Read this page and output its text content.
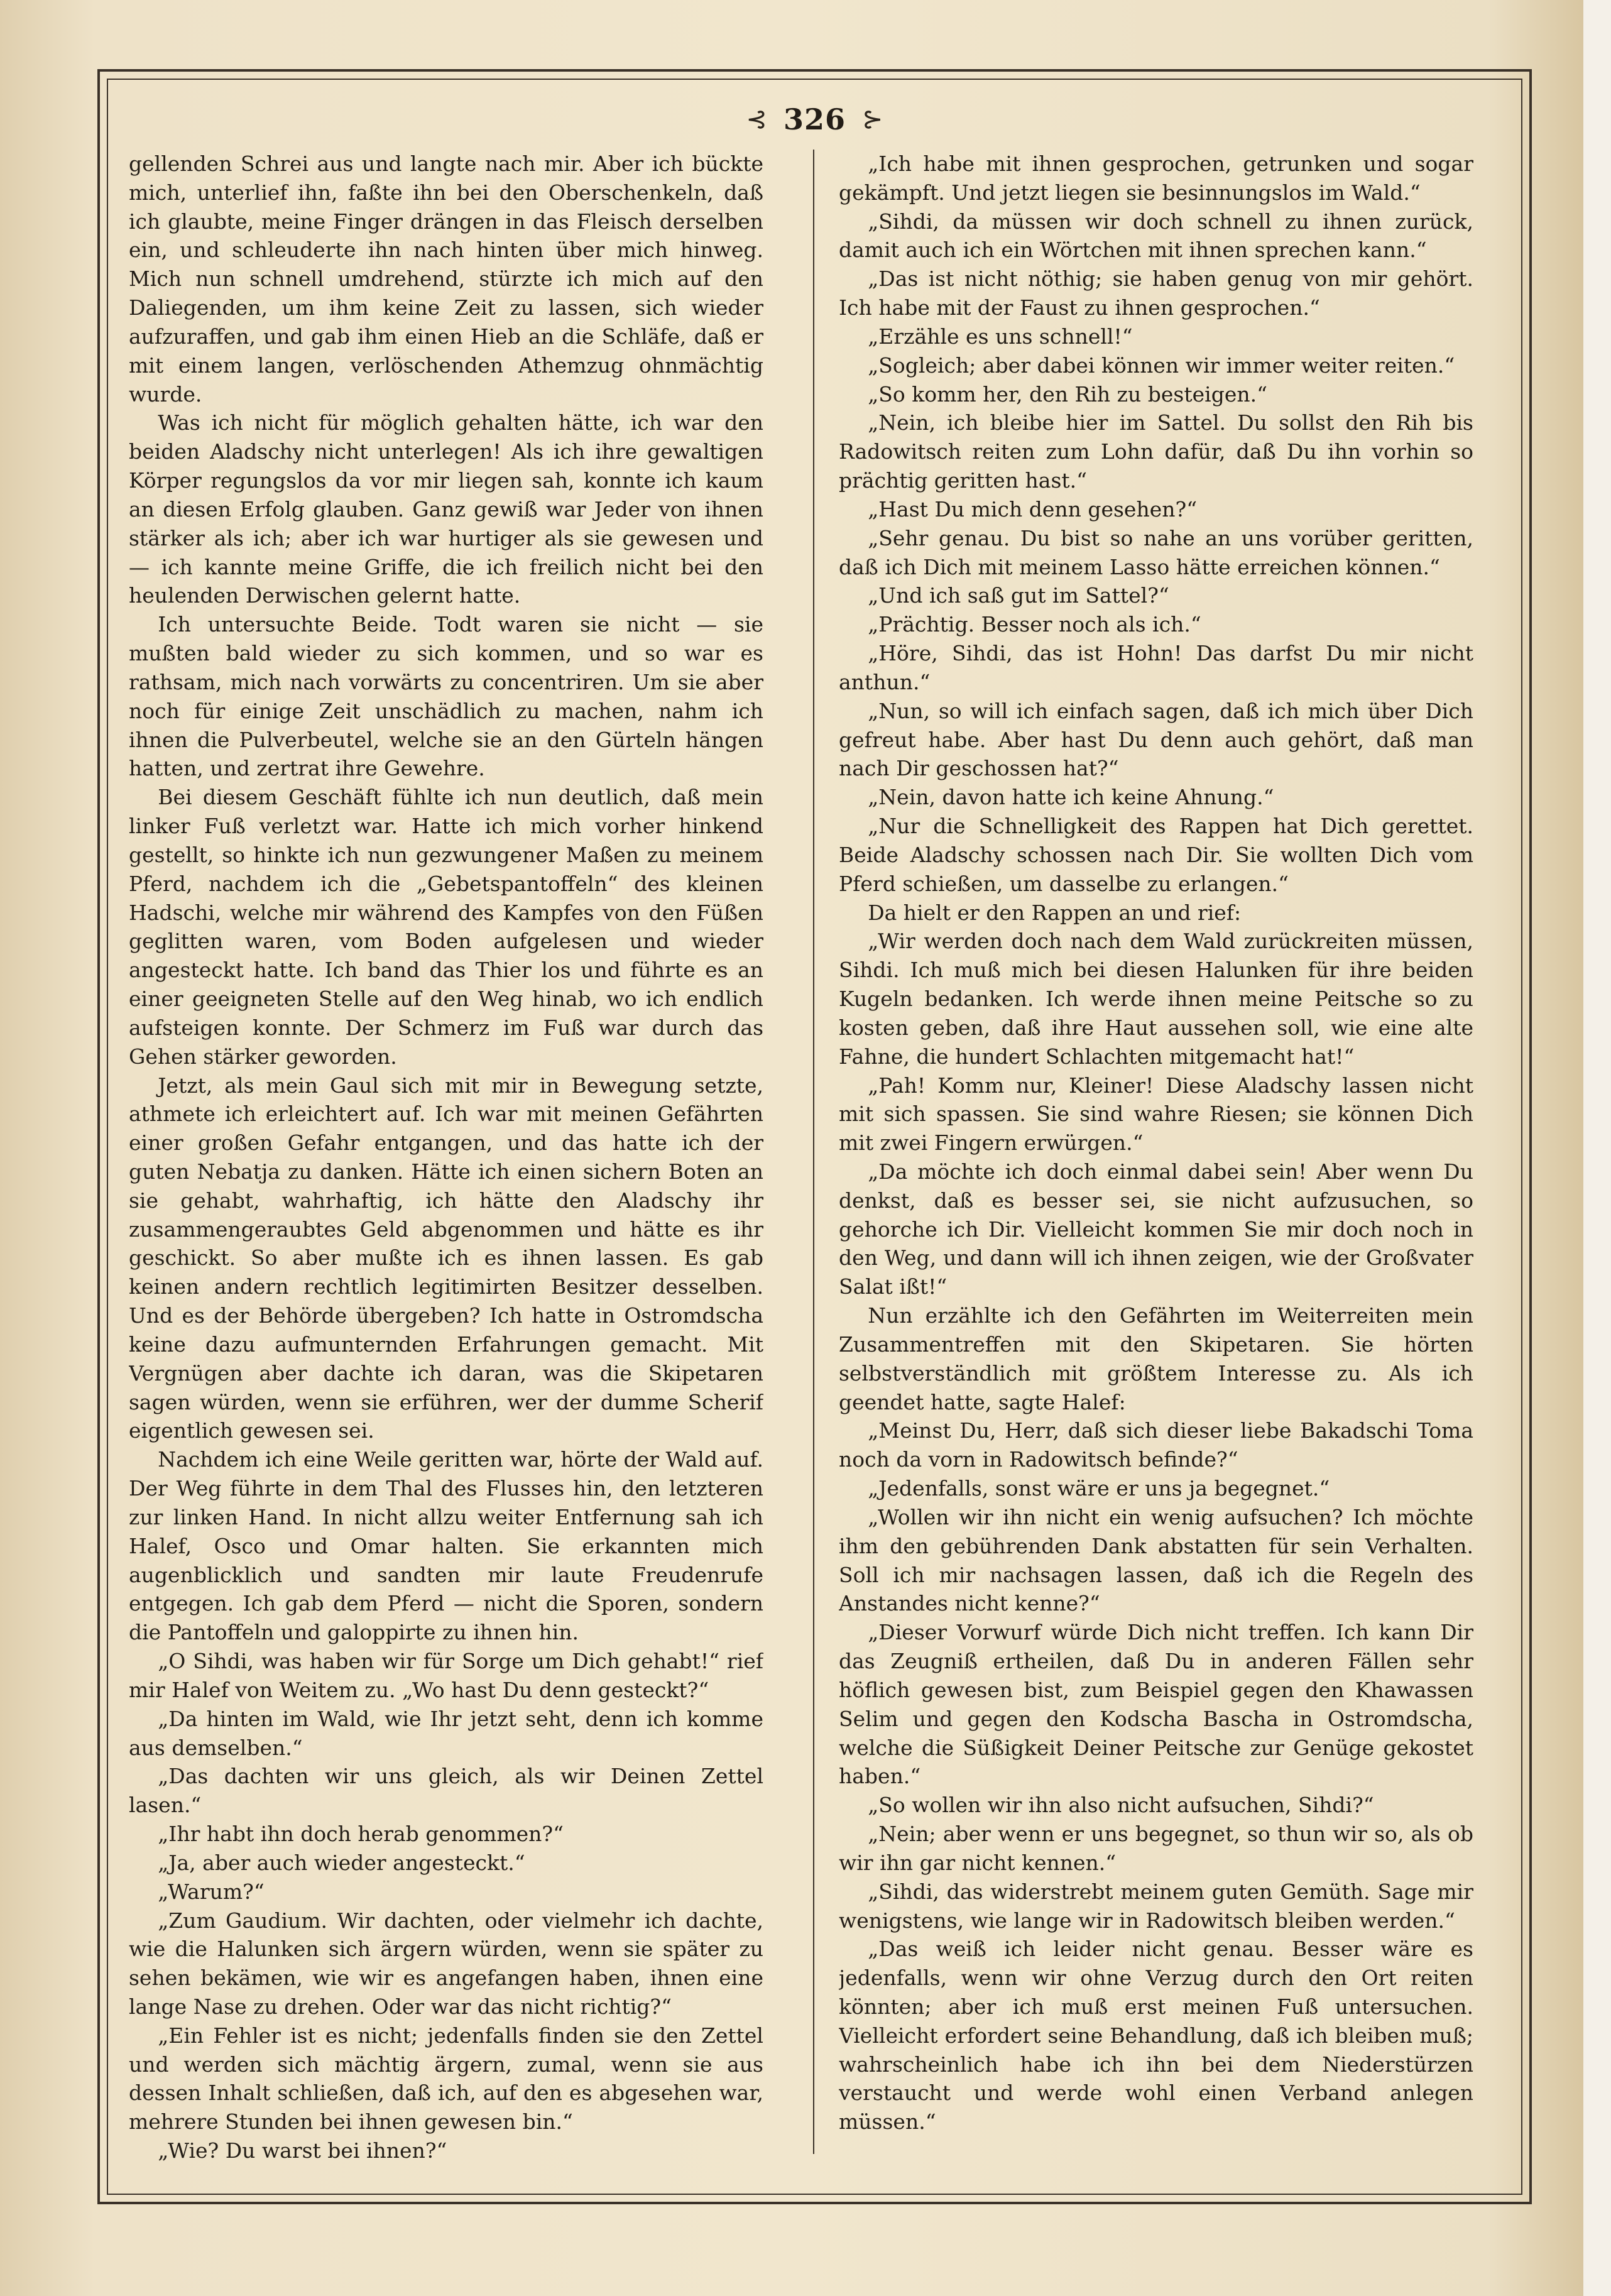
⊰ 326 ⊱

gellenden Schrei aus und langte nach mir. Aber ich bückte mich, unterlief ihn, faßte ihn bei den Oberschenkeln, daß ich glaubte, meine Finger drängen in das Fleisch derselben ein, und schleuderte ihn nach hinten über mich hinweg. Mich nun schnell umdrehend, stürzte ich mich auf den Daliegenden, um ihm keine Zeit zu lassen, sich wieder aufzuraffen, und gab ihm einen Hieb an die Schläfe, daß er mit einem langen, verlöschenden Athemzug ohnmächtig wurde.

Was ich nicht für möglich gehalten hätte, ich war den beiden Aladschy nicht unterlegen! Als ich ihre gewaltigen Körper regungslos da vor mir liegen sah, konnte ich kaum an diesen Erfolg glauben. Ganz gewiß war Jeder von ihnen stärker als ich; aber ich war hurtiger als sie gewesen und — ich kannte meine Griffe, die ich freilich nicht bei den heulenden Derwischen gelernt hatte.

Ich untersuchte Beide. Todt waren sie nicht — sie mußten bald wieder zu sich kommen, und so war es rathsam, mich nach vorwärts zu concentriren. Um sie aber noch für einige Zeit unschädlich zu machen, nahm ich ihnen die Pulverbeutel, welche sie an den Gürteln hängen hatten, und zertrat ihre Gewehre.

Bei diesem Geschäft fühlte ich nun deutlich, daß mein linker Fuß verletzt war. Hatte ich mich vorher hinkend gestellt, so hinkte ich nun gezwungener Maßen zu meinem Pferd, nachdem ich die „Gebetspantoffeln“ des kleinen Hadschi, welche mir während des Kampfes von den Füßen geglitten waren, vom Boden aufgelesen und wieder angesteckt hatte. Ich band das Thier los und führte es an einer geeigneten Stelle auf den Weg hinab, wo ich endlich aufsteigen konnte. Der Schmerz im Fuß war durch das Gehen stärker geworden.

Jetzt, als mein Gaul sich mit mir in Bewegung setzte, athmete ich erleichtert auf. Ich war mit meinen Gefährten einer großen Gefahr entgangen, und das hatte ich der guten Nebatja zu danken. Hätte ich einen sichern Boten an sie gehabt, wahrhaftig, ich hätte den Aladschy ihr zusammengeraubtes Geld abgenommen und hätte es ihr geschickt. So aber mußte ich es ihnen lassen. Es gab keinen andern rechtlich legitimirten Besitzer desselben. Und es der Behörde übergeben? Ich hatte in Ostromdscha keine dazu aufmunternden Erfahrungen gemacht. Mit Vergnügen aber dachte ich daran, was die Skipetaren sagen würden, wenn sie erführen, wer der dumme Scherif eigentlich gewesen sei.

Nachdem ich eine Weile geritten war, hörte der Wald auf. Der Weg führte in dem Thal des Flusses hin, den letzteren zur linken Hand. In nicht allzu weiter Entfernung sah ich Halef, Osco und Omar halten. Sie erkannten mich augenblicklich und sandten mir laute Freudenrufe entgegen. Ich gab dem Pferd — nicht die Sporen, sondern die Pantoffeln und galoppirte zu ihnen hin.

„O Sihdi, was haben wir für Sorge um Dich gehabt!“ rief mir Halef von Weitem zu. „Wo hast Du denn gesteckt?“

„Da hinten im Wald, wie Ihr jetzt seht, denn ich komme aus demselben.“

„Das dachten wir uns gleich, als wir Deinen Zettel lasen.“

„Ihr habt ihn doch herab genommen?“

„Ja, aber auch wieder angesteckt.“

„Warum?“

„Zum Gaudium. Wir dachten, oder vielmehr ich dachte, wie die Halunken sich ärgern würden, wenn sie später zu sehen bekämen, wie wir es angefangen haben, ihnen eine lange Nase zu drehen. Oder war das nicht richtig?“

„Ein Fehler ist es nicht; jedenfalls finden sie den Zettel und werden sich mächtig ärgern, zumal, wenn sie aus dessen Inhalt schließen, daß ich, auf den es abgesehen war, mehrere Stunden bei ihnen gewesen bin.“

„Wie? Du warst bei ihnen?“

„Ich habe mit ihnen gesprochen, getrunken und sogar gekämpft. Und jetzt liegen sie besinnungslos im Wald.“

„Sihdi, da müssen wir doch schnell zu ihnen zurück, damit auch ich ein Wörtchen mit ihnen sprechen kann.“

„Das ist nicht nöthig; sie haben genug von mir gehört. Ich habe mit der Faust zu ihnen gesprochen.“

„Erzähle es uns schnell!“

„Sogleich; aber dabei können wir immer weiter reiten.“

„So komm her, den Rih zu besteigen.“

„Nein, ich bleibe hier im Sattel. Du sollst den Rih bis Radowitsch reiten zum Lohn dafür, daß Du ihn vorhin so prächtig geritten hast.“

„Hast Du mich denn gesehen?“

„Sehr genau. Du bist so nahe an uns vorüber geritten, daß ich Dich mit meinem Lasso hätte erreichen können.“

„Und ich saß gut im Sattel?“

„Prächtig. Besser noch als ich.“

„Höre, Sihdi, das ist Hohn! Das darfst Du mir nicht anthun.“

„Nun, so will ich einfach sagen, daß ich mich über Dich gefreut habe. Aber hast Du denn auch gehört, daß man nach Dir geschossen hat?“

„Nein, davon hatte ich keine Ahnung.“

„Nur die Schnelligkeit des Rappen hat Dich gerettet. Beide Aladschy schossen nach Dir. Sie wollten Dich vom Pferd schießen, um dasselbe zu erlangen.“

Da hielt er den Rappen an und rief:

„Wir werden doch nach dem Wald zurückreiten müssen, Sihdi. Ich muß mich bei diesen Halunken für ihre beiden Kugeln bedanken. Ich werde ihnen meine Peitsche so zu kosten geben, daß ihre Haut aussehen soll, wie eine alte Fahne, die hundert Schlachten mitgemacht hat!“

„Pah! Komm nur, Kleiner! Diese Aladschy lassen nicht mit sich spassen. Sie sind wahre Riesen; sie können Dich mit zwei Fingern erwürgen.“

„Da möchte ich doch einmal dabei sein! Aber wenn Du denkst, daß es besser sei, sie nicht aufzusuchen, so gehorche ich Dir. Vielleicht kommen Sie mir doch noch in den Weg, und dann will ich ihnen zeigen, wie der Großvater Salat ißt!“

Nun erzählte ich den Gefährten im Weiterreiten mein Zusammentreffen mit den Skipetaren. Sie hörten selbstverständlich mit größtem Interesse zu. Als ich geendet hatte, sagte Halef:

„Meinst Du, Herr, daß sich dieser liebe Bakadschi Toma noch da vorn in Radowitsch befinde?“

„Jedenfalls, sonst wäre er uns ja begegnet.“

„Wollen wir ihn nicht ein wenig aufsuchen? Ich möchte ihm den gebührenden Dank abstatten für sein Verhalten. Soll ich mir nachsagen lassen, daß ich die Regeln des Anstandes nicht kenne?“

„Dieser Vorwurf würde Dich nicht treffen. Ich kann Dir das Zeugniß ertheilen, daß Du in anderen Fällen sehr höflich gewesen bist, zum Beispiel gegen den Khawassen Selim und gegen den Kodscha Bascha in Ostromdscha, welche die Süßigkeit Deiner Peitsche zur Genüge gekostet haben.“

„So wollen wir ihn also nicht aufsuchen, Sihdi?“

„Nein; aber wenn er uns begegnet, so thun wir so, als ob wir ihn gar nicht kennen.“

„Sihdi, das widerstrebt meinem guten Gemüth. Sage mir wenigstens, wie lange wir in Radowitsch bleiben werden.“

„Das weiß ich leider nicht genau. Besser wäre es jedenfalls, wenn wir ohne Verzug durch den Ort reiten könnten; aber ich muß erst meinen Fuß untersuchen. Vielleicht erfordert seine Behandlung, daß ich bleiben muß; wahrscheinlich habe ich ihn bei dem Niederstürzen verstaucht und werde wohl einen Verband anlegen müssen.“
